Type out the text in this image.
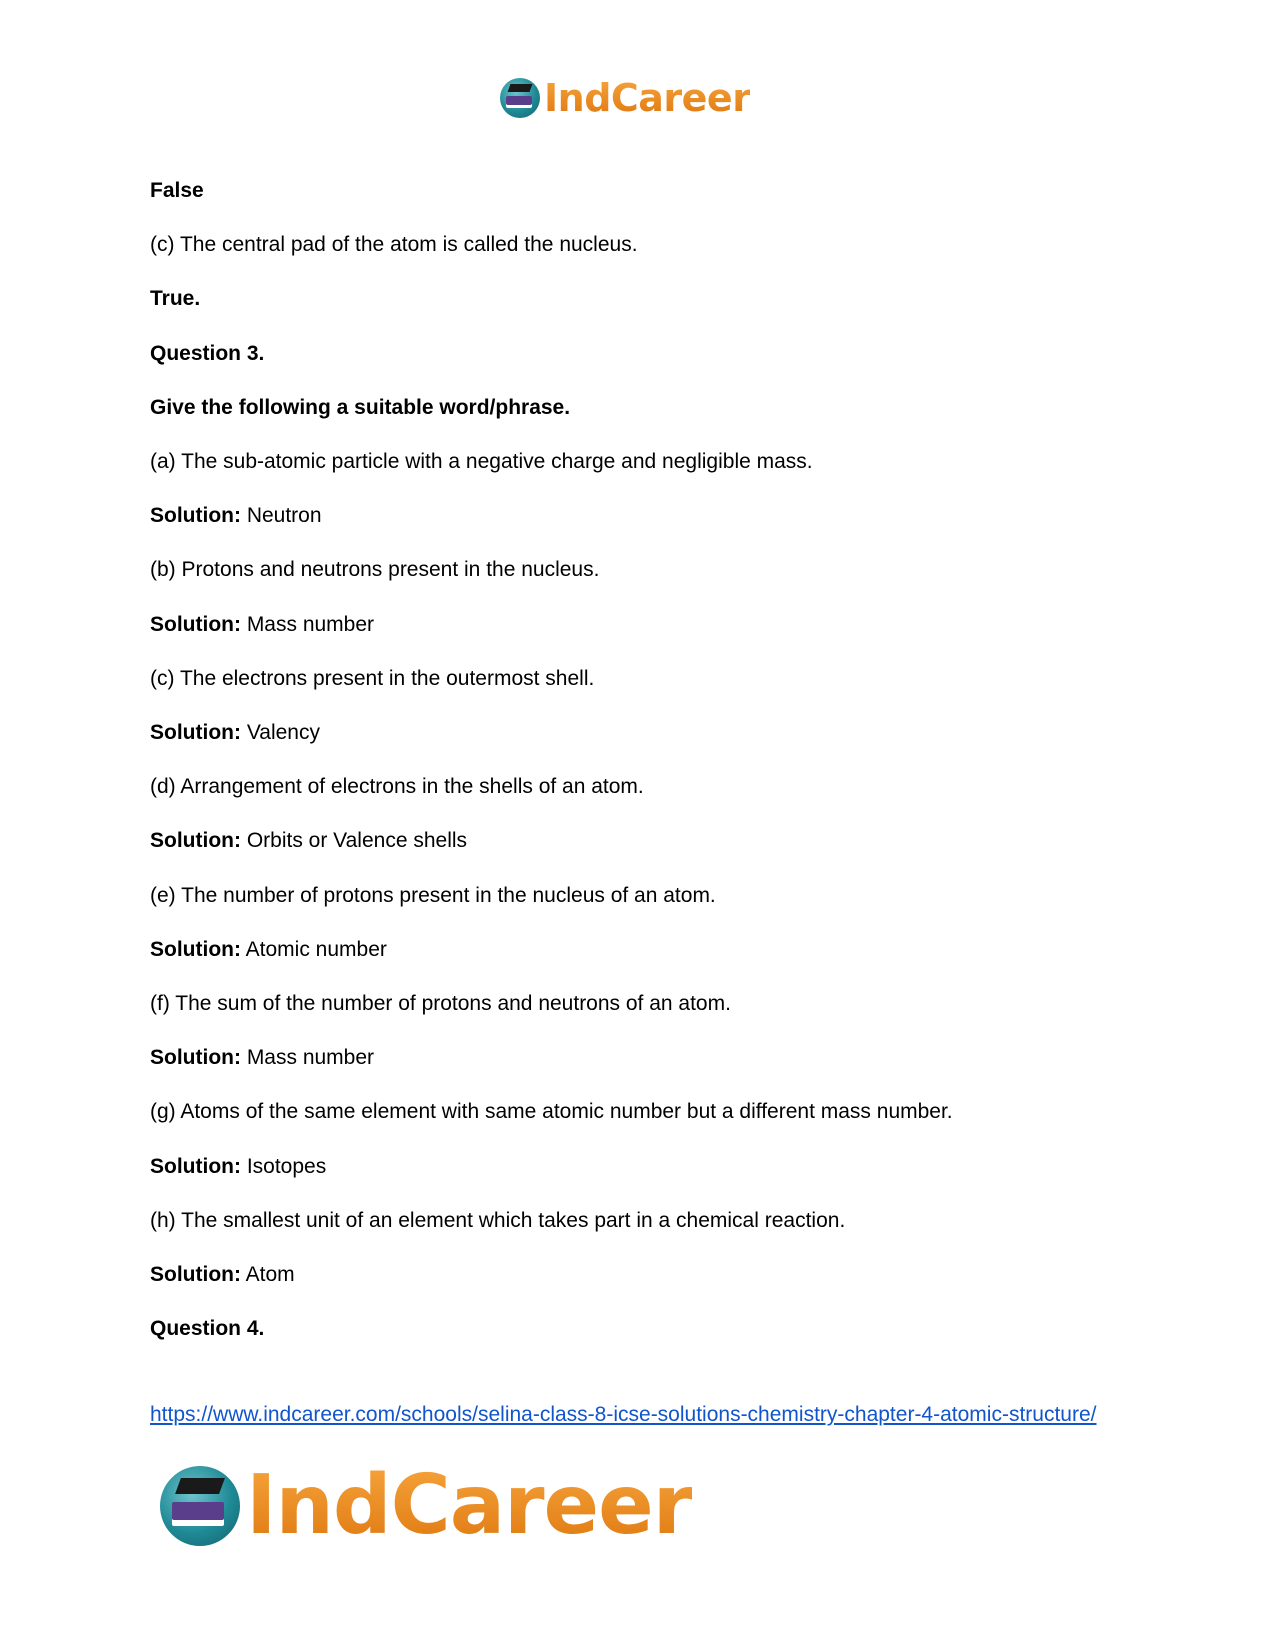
IndCareer
False
(c) The central pad of the atom is called the nucleus.
True.
Question 3.
Give the following a suitable word/phrase.
(a) The sub-atomic particle with a negative charge and negligible mass.
Solution: Neutron
(b) Protons and neutrons present in the nucleus.
Solution: Mass number
(c) The electrons present in the outermost shell.
Solution: Valency
(d) Arrangement of electrons in the shells of an atom.
Solution: Orbits or Valence shells
(e) The number of protons present in the nucleus of an atom.
Solution: Atomic number
(f) The sum of the number of protons and neutrons of an atom.
Solution: Mass number
(g) Atoms of the same element with same atomic number but a different mass number.
Solution: Isotopes
(h) The smallest unit of an element which takes part in a chemical reaction.
Solution: Atom
Question 4.
https://www.indcareer.com/schools/selina-class-8-icse-solutions-chemistry-chapter-4-atomic-structure/
IndCareer
